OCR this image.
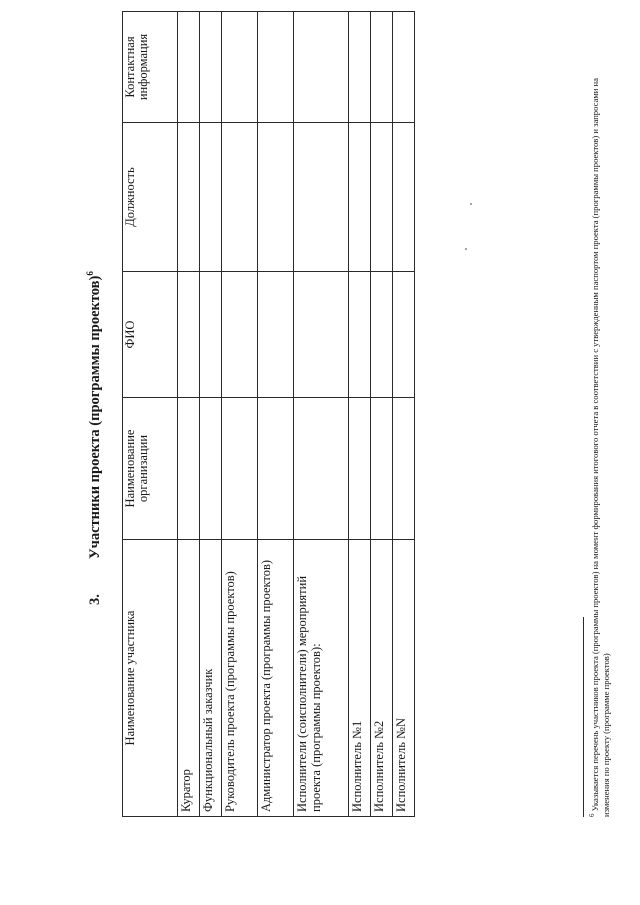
3.Участники проекта (программы проектов)$^6$
Наименование участника	Наименование организации	ФИО	Должность	Контактная информация
Куратор				
Функциональный заказчик				
Руководитель проекта (программы проектов)				
Администратор проекта (программы проектов)				
Исполнители (соисполнители) мероприятий проекта (программы проектов):				
Исполнитель №1				
Исполнитель №2				
Исполнитель №N				
$^6$ Указывается перечень участников проекта (программы проектов) на момент формирования итогового отчета в соответствии с утвержденным паспортом проекта (программы проектов) и запросами на изменения по проекту (программе проектов)
